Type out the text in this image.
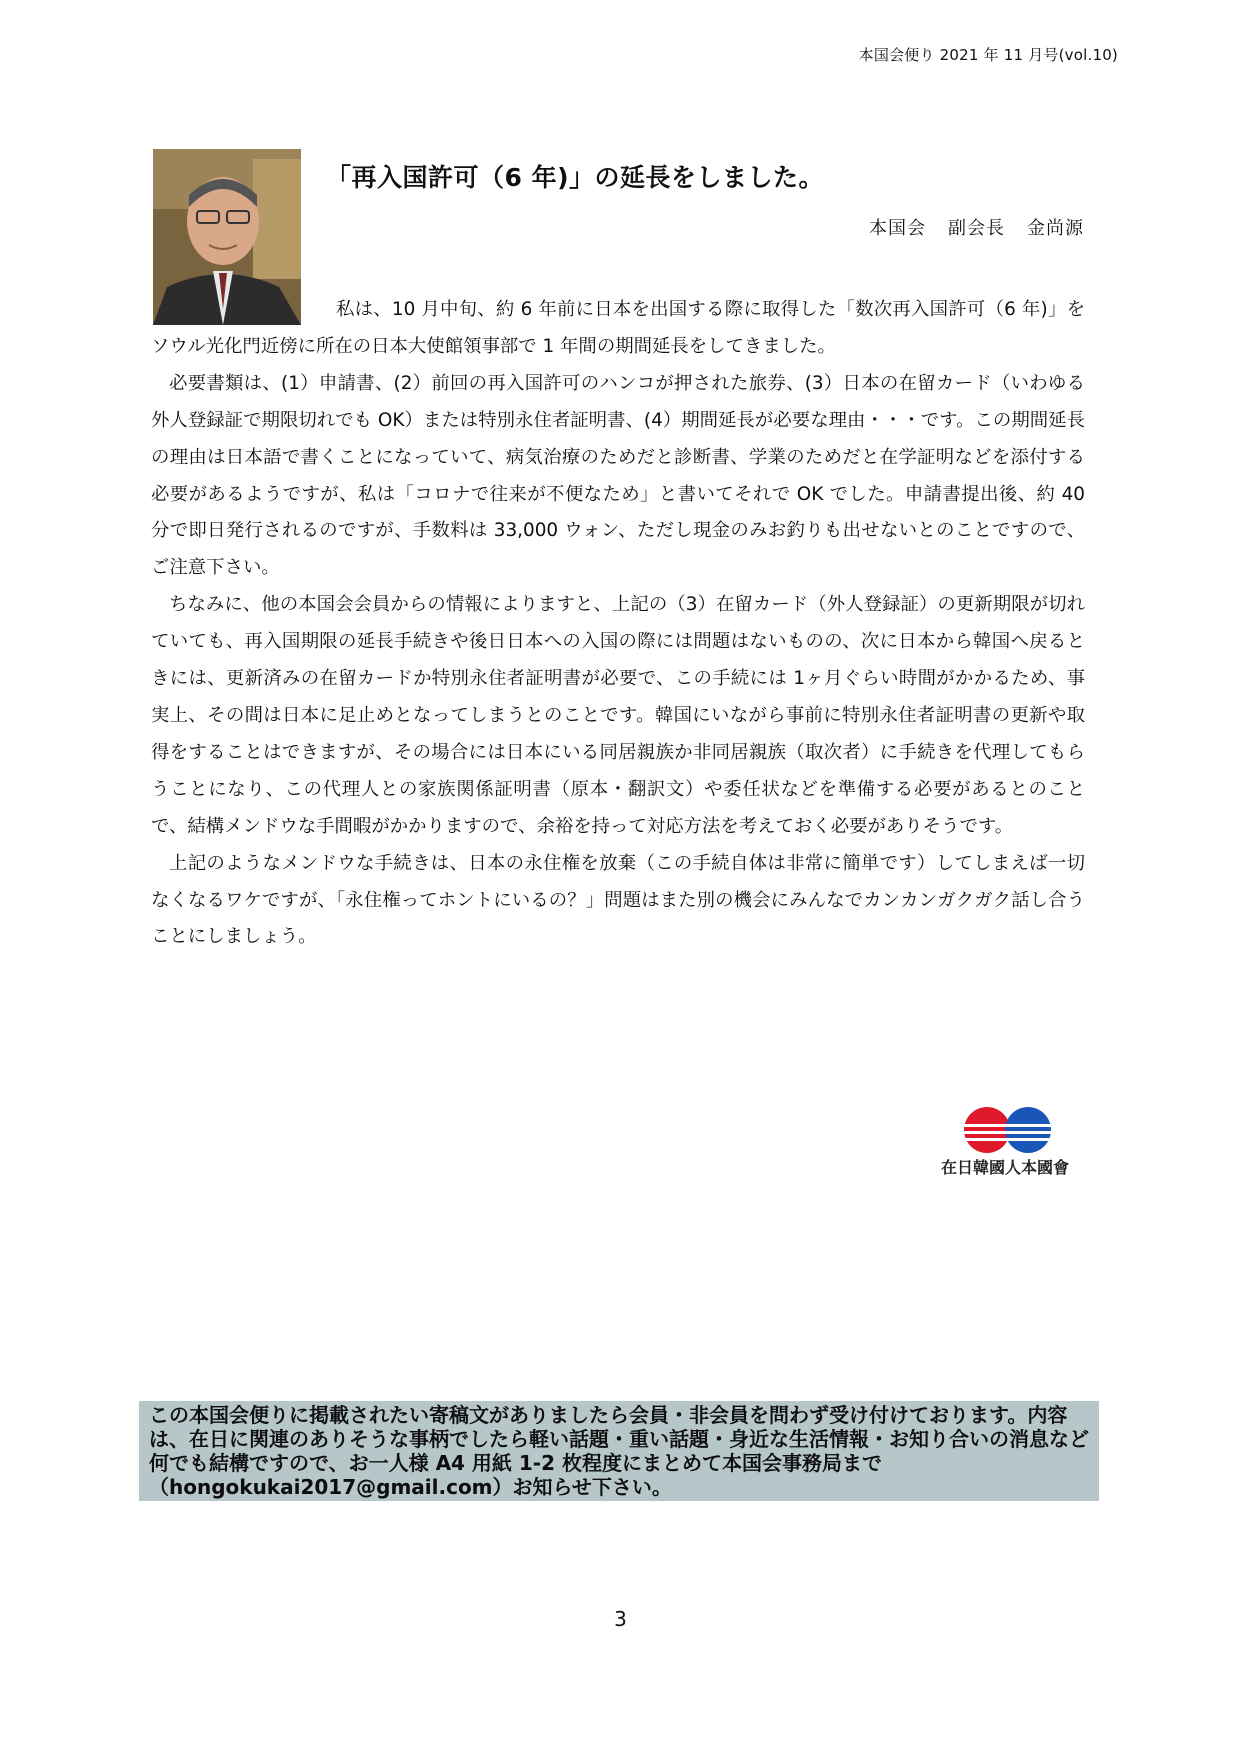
本国会便り 2021 年 11 月号(vol.10)
「再入国許可（6 年)」の延長をしました。
本国会 副会長 金尚源

私は、10 月中旬、約 6 年前に日本を出国する際に取得した「数次再入国許可（6 年)」をソウル光化門近傍に所在の日本大使館領事部で 1 年間の期間延長をしてきました。

必要書類は、(1）申請書、(2）前回の再入国許可のハンコが押された旅券、(3）日本の在留カード（いわゆる外人登録証で期限切れでも OK）または特別永住者証明書、(4）期間延長が必要な理由・・・です。この期間延長の理由は日本語で書くことになっていて、病気治療のためだと診断書、学業のためだと在学証明などを添付する必要があるようですが、私は「コロナで往来が不便なため」と書いてそれで OK でした。申請書提出後、約 40 分で即日発行されるのですが、手数料は 33,000 ウォン、ただし現金のみお釣りも出せないとのことですので、ご注意下さい。

ちなみに、他の本国会会員からの情報によりますと、上記の（3）在留カード（外人登録証）の更新期限が切れていても、再入国期限の延長手続きや後日日本への入国の際には問題はないものの、次に日本から韓国へ戻るときには、更新済みの在留カードか特別永住者証明書が必要で、この手続には 1ヶ月ぐらい時間がかかるため、事実上、その間は日本に足止めとなってしまうとのことです。韓国にいながら事前に特別永住者証明書の更新や取得をすることはできますが、その場合には日本にいる同居親族か非同居親族（取次者）に手続きを代理してもらうことになり、この代理人との家族関係証明書（原本・翻訳文）や委任状などを準備する必要があるとのことで、結構メンドウな手間暇がかかりますので、余裕を持って対応方法を考えておく必要がありそうです。

上記のようなメンドウな手続きは、日本の永住権を放棄（この手続自体は非常に簡単です）してしまえば一切なくなるワケですが、「永住権ってホントにいるの？」問題はまた別の機会にみんなでカンカンガクガク話し合うことにしましょう。

在日韓國人本國會
この本国会便りに掲載されたい寄稿文がありましたら会員・非会員を問わず受け付けております。内容は、在日に関連のありそうな事柄でしたら軽い話題・重い話題・身近な生活情報・お知り合いの消息など何でも結構ですので、お一人様 A4 用紙 1-2 枚程度にまとめて本国会事務局まで（hongokukai2017@gmail.com）お知らせ下さい。
3
